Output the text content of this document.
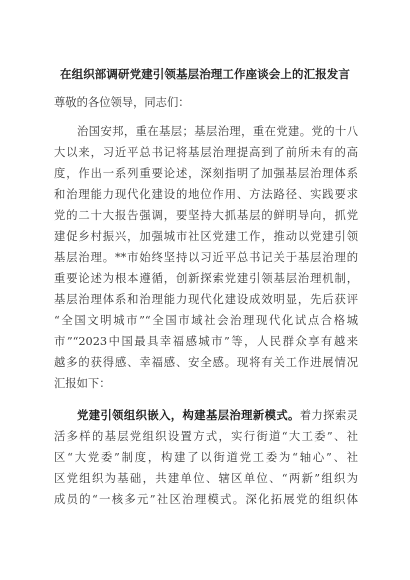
在组织部调研党建引领基层治理工作座谈会上的汇报发言
尊敬的各位领导，同志们：
治国安邦，重在基层；基层治理，重在党建。党的十八
大以来，习近平总书记将基层治理提高到了前所未有的高
度，作出一系列重要论述，深刻指明了加强基层治理体系
和治理能力现代化建设的地位作用、方法路径、实践要求
党的二十大报告强调，要坚持大抓基层的鲜明导向，抓党
建促乡村振兴，加强城市社区党建工作，推动以党建引领
基层治理。**市始终坚持以习近平总书记关于基层治理的
重要论述为根本遵循，创新探索党建引领基层治理机制，
基层治理体系和治理能力现代化建设成效明显，先后获评
“全国文明城市”“全国市域社会治理现代化试点合格城
市”“2023中国最具幸福感城市”等，人民群众享有越来
越多的获得感、幸福感、安全感。现将有关工作进展情况
汇报如下：
党建引领组织嵌入，构建基层治理新模式。着力探索灵
活多样的基层党组织设置方式，实行街道“大工委”、社
区“大党委”制度，构建了以街道党工委为“轴心”、社
区党组织为基础，共建单位、辖区单位、“两新”组织为
成员的“一核多元”社区治理模式。深化拓展党的组织体
